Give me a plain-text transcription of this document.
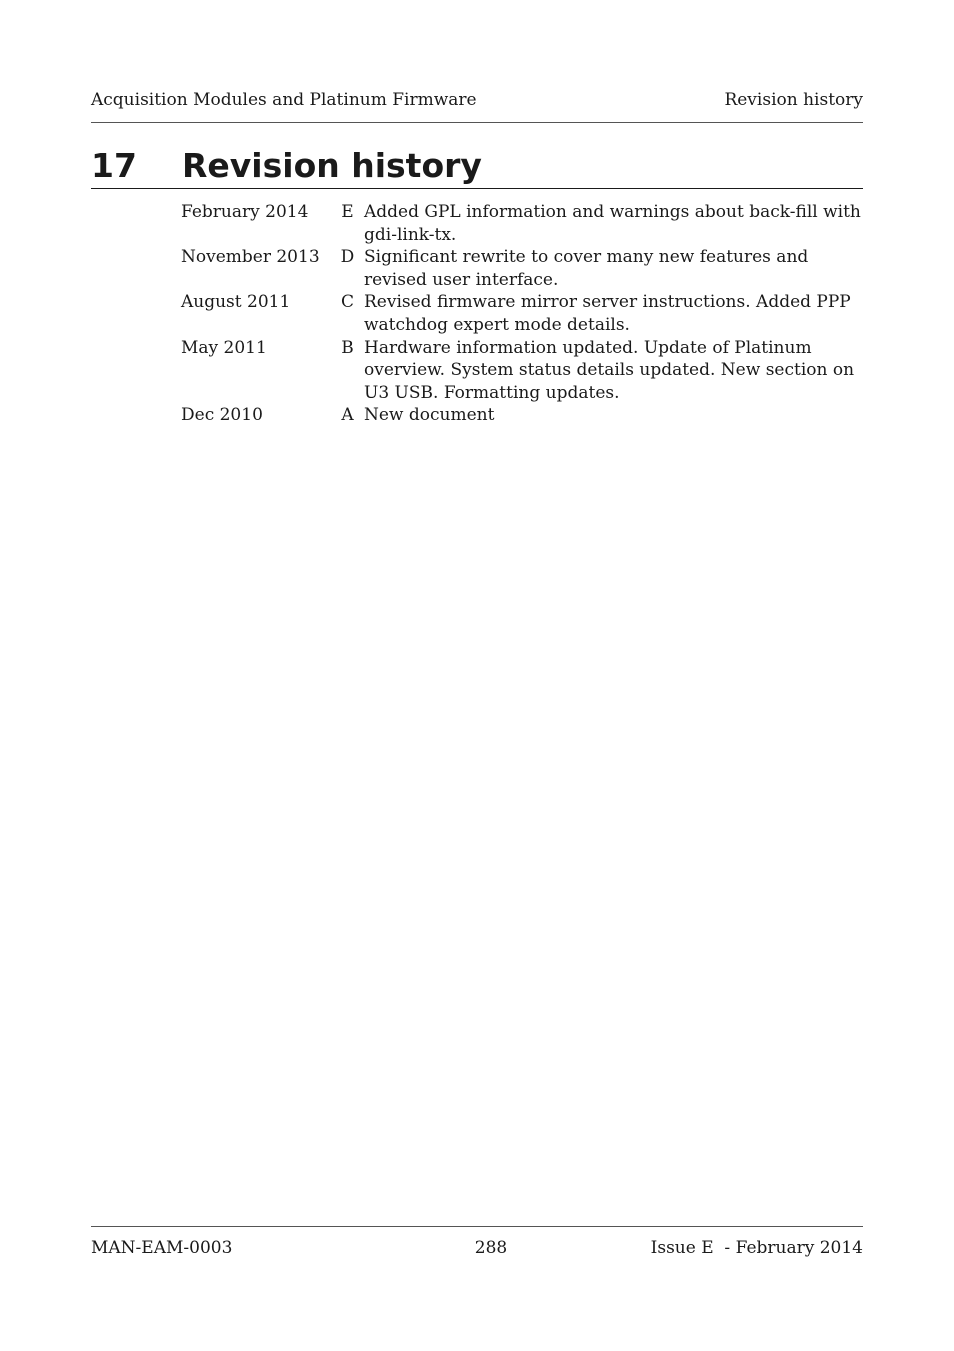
Acquisition Modules and Platinum Firmware	Revision history
17 Revision history
February 2014	E Added GPL information and warnings about back-fill with gdi-link-tx.
November 2013	D Significant rewrite to cover many new features and revised user interface.
August 2011	C Revised firmware mirror server instructions. Added PPP watchdog expert mode details.
May 2011	B Hardware information updated. Update of Platinum overview. System status details updated. New section on U3 USB. Formatting updates.
Dec 2010	A New document
MAN-EAM-0003	288	Issue E  - February 2014
